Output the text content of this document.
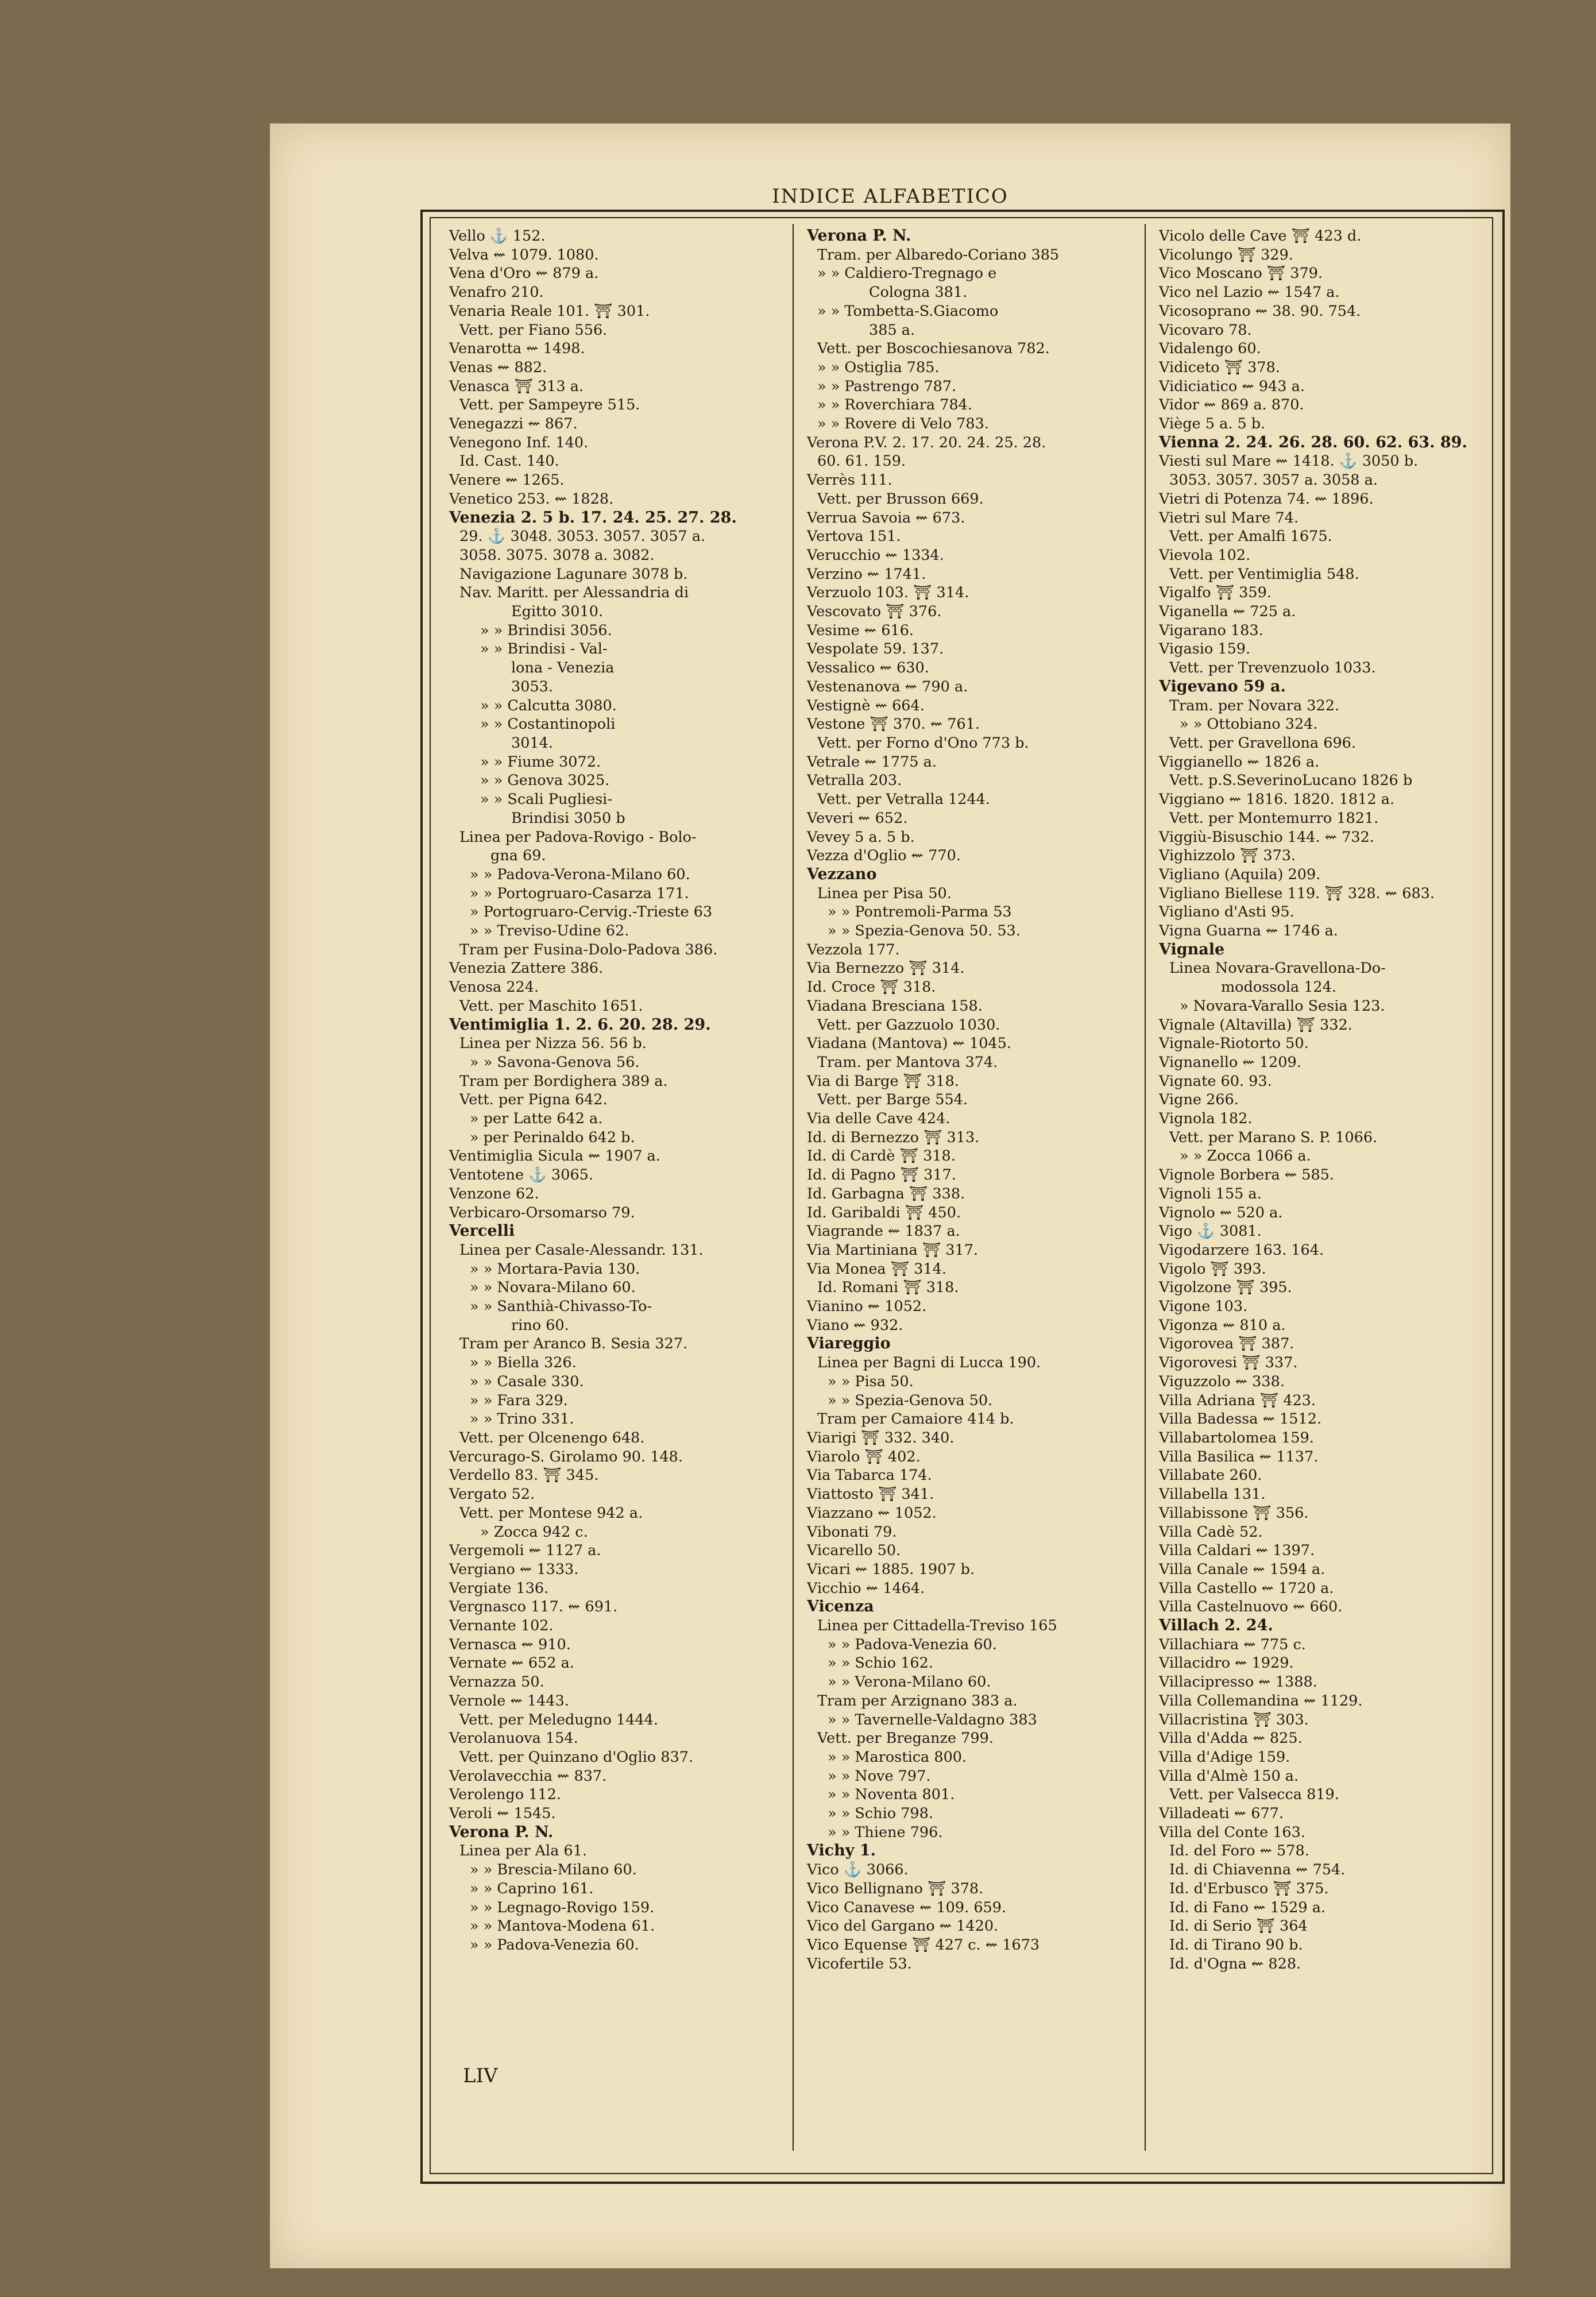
INDICE ALFABETICO
Vello ⚓ 152.
Velva ⇜ 1079. 1080.
Vena d'Oro ⇜ 879 a.
Venafro 210.
Venaria Reale 101. ⛩ 301.
Vett. per Fiano 556.
Venarotta ⇜ 1498.
Venas ⇜ 882.
Venasca ⛩ 313 a.
Vett. per Sampeyre 515.
Venegazzi ⇜ 867.
Venegono Inf. 140.
Id. Cast. 140.
Venere ⇜ 1265.
Venetico 253. ⇜ 1828.
Venezia 2. 5 b. 17. 24. 25. 27. 28.
29. ⚓ 3048. 3053. 3057. 3057 a.
3058. 3075. 3078 a. 3082.
Navigazione Lagunare 3078 b.
Nav. Maritt. per Alessandria di
Egitto 3010.
» » Brindisi 3056.
» » Brindisi - Val-
lona - Venezia
3053.
» » Calcutta 3080.
» » Costantinopoli
3014.
» » Fiume 3072.
» » Genova 3025.
» » Scali Pugliesi-
Brindisi 3050 b
Linea per Padova-Rovigo - Bolo-
gna 69.
» » Padova-Verona-Milano 60.
» » Portogruaro-Casarza 171.
» Portogruaro-Cervig.-Trieste 63
» » Treviso-Udine 62.
Tram per Fusina-Dolo-Padova 386.
Venezia Zattere 386.
Venosa 224.
Vett. per Maschito 1651.
Ventimiglia 1. 2. 6. 20. 28. 29.
Linea per Nizza 56. 56 b.
» » Savona-Genova 56.
Tram per Bordighera 389 a.
Vett. per Pigna 642.
» per Latte 642 a.
» per Perinaldo 642 b.
Ventimiglia Sicula ⇜ 1907 a.
Ventotene ⚓ 3065.
Venzone 62.
Verbicaro-Orsomarso 79.
Vercelli
Linea per Casale-Alessandr. 131.
» » Mortara-Pavia 130.
» » Novara-Milano 60.
» » Santhià-Chivasso-To-
rino 60.
Tram per Aranco B. Sesia 327.
» » Biella 326.
» » Casale 330.
» » Fara 329.
» » Trino 331.
Vett. per Olcenengo 648.
Vercurago-S. Girolamo 90. 148.
Verdello 83. ⛩ 345.
Vergato 52.
Vett. per Montese 942 a.
» Zocca 942 c.
Vergemoli ⇜ 1127 a.
Vergiano ⇜ 1333.
Vergiate 136.
Vergnasco 117. ⇜ 691.
Vernante 102.
Vernasca ⇜ 910.
Vernate ⇜ 652 a.
Vernazza 50.
Vernole ⇜ 1443.
Vett. per Meledugno 1444.
Verolanuova 154.
Vett. per Quinzano d'Oglio 837.
Verolavecchia ⇜ 837.
Verolengo 112.
Veroli ⇜ 1545.
Verona P. N.
Linea per Ala 61.
» » Brescia-Milano 60.
» » Caprino 161.
» » Legnago-Rovigo 159.
» » Mantova-Modena 61.
» » Padova-Venezia 60.
Verona P. N.
Tram. per Albaredo-Coriano 385
» » Caldiero-Tregnago e
Cologna 381.
» » Tombetta-S.Giacomo
385 a.
Vett. per Boscochiesanova 782.
» » Ostiglia 785.
» » Pastrengo 787.
» » Roverchiara 784.
» » Rovere di Velo 783.
Verona P.V. 2. 17. 20. 24. 25. 28.
60. 61. 159.
Verrès 111.
Vett. per Brusson 669.
Verrua Savoia ⇜ 673.
Vertova 151.
Verucchio ⇜ 1334.
Verzino ⇜ 1741.
Verzuolo 103. ⛩ 314.
Vescovato ⛩ 376.
Vesime ⇜ 616.
Vespolate 59. 137.
Vessalico ⇜ 630.
Vestenanova ⇜ 790 a.
Vestignè ⇜ 664.
Vestone ⛩ 370. ⇜ 761.
Vett. per Forno d'Ono 773 b.
Vetrale ⇜ 1775 a.
Vetralla 203.
Vett. per Vetralla 1244.
Veveri ⇜ 652.
Vevey 5 a. 5 b.
Vezza d'Oglio ⇜ 770.
Vezzano
Linea per Pisa 50.
» » Pontremoli-Parma 53
» » Spezia-Genova 50. 53.
Vezzola 177.
Via Bernezzo ⛩ 314.
Id. Croce ⛩ 318.
Viadana Bresciana 158.
Vett. per Gazzuolo 1030.
Viadana (Mantova) ⇜ 1045.
Tram. per Mantova 374.
Via di Barge ⛩ 318.
Vett. per Barge 554.
Via delle Cave 424.
Id. di Bernezzo ⛩ 313.
Id. di Cardè ⛩ 318.
Id. di Pagno ⛩ 317.
Id. Garbagna ⛩ 338.
Id. Garibaldi ⛩ 450.
Viagrande ⇜ 1837 a.
Via Martiniana ⛩ 317.
Via Monea ⛩ 314.
Id. Romani ⛩ 318.
Vianino ⇜ 1052.
Viano ⇜ 932.
Viareggio
Linea per Bagni di Lucca 190.
» » Pisa 50.
» » Spezia-Genova 50.
Tram per Camaiore 414 b.
Viarigi ⛩ 332. 340.
Viarolo ⛩ 402.
Via Tabarca 174.
Viattosto ⛩ 341.
Viazzano ⇜ 1052.
Vibonati 79.
Vicarello 50.
Vicari ⇜ 1885. 1907 b.
Vicchio ⇜ 1464.
Vicenza
Linea per Cittadella-Treviso 165
» » Padova-Venezia 60.
» » Schio 162.
» » Verona-Milano 60.
Tram per Arzignano 383 a.
» » Tavernelle-Valdagno 383
Vett. per Breganze 799.
» » Marostica 800.
» » Nove 797.
» » Noventa 801.
» » Schio 798.
» » Thiene 796.
Vichy 1.
Vico ⚓ 3066.
Vico Bellignano ⛩ 378.
Vico Canavese ⇜ 109. 659.
Vico del Gargano ⇜ 1420.
Vico Equense ⛩ 427 c. ⇜ 1673
Vicofertile 53.
Vicolo delle Cave ⛩ 423 d.
Vicolungo ⛩ 329.
Vico Moscano ⛩ 379.
Vico nel Lazio ⇜ 1547 a.
Vicosoprano ⇜ 38. 90. 754.
Vicovaro 78.
Vidalengo 60.
Vidiceto ⛩ 378.
Vidiciatico ⇜ 943 a.
Vidor ⇜ 869 a. 870.
Viège 5 a. 5 b.
Vienna 2. 24. 26. 28. 60. 62. 63. 89.
Viesti sul Mare ⇜ 1418. ⚓ 3050 b.
3053. 3057. 3057 a. 3058 a.
Vietri di Potenza 74. ⇜ 1896.
Vietri sul Mare 74.
Vett. per Amalfi 1675.
Vievola 102.
Vett. per Ventimiglia 548.
Vigalfo ⛩ 359.
Viganella ⇜ 725 a.
Vigarano 183.
Vigasio 159.
Vett. per Trevenzuolo 1033.
Vigevano 59 a.
Tram. per Novara 322.
» » Ottobiano 324.
Vett. per Gravellona 696.
Viggianello ⇜ 1826 a.
Vett. p.S.SeverinoLucano 1826 b
Viggiano ⇜ 1816. 1820. 1812 a.
Vett. per Montemurro 1821.
Viggiù-Bisuschio 144. ⇜ 732.
Vighizzolo ⛩ 373.
Vigliano (Aquila) 209.
Vigliano Biellese 119. ⛩ 328. ⇜ 683.
Vigliano d'Asti 95.
Vigna Guarna ⇜ 1746 a.
Vignale
Linea Novara-Gravellona-Do-
modossola 124.
» Novara-Varallo Sesia 123.
Vignale (Altavilla) ⛩ 332.
Vignale-Riotorto 50.
Vignanello ⇜ 1209.
Vignate 60. 93.
Vigne 266.
Vignola 182.
Vett. per Marano S. P. 1066.
» » Zocca 1066 a.
Vignole Borbera ⇜ 585.
Vignoli 155 a.
Vignolo ⇜ 520 a.
Vigo ⚓ 3081.
Vigodarzere 163. 164.
Vigolo ⛩ 393.
Vigolzone ⛩ 395.
Vigone 103.
Vigonza ⇜ 810 a.
Vigorovea ⛩ 387.
Vigorovesi ⛩ 337.
Viguzzolo ⇜ 338.
Villa Adriana ⛩ 423.
Villa Badessa ⇜ 1512.
Villabartolomea 159.
Villa Basilica ⇜ 1137.
Villabate 260.
Villabella 131.
Villabissone ⛩ 356.
Villa Cadè 52.
Villa Caldari ⇜ 1397.
Villa Canale ⇜ 1594 a.
Villa Castello ⇜ 1720 a.
Villa Castelnuovo ⇜ 660.
Villach 2. 24.
Villachiara ⇜ 775 c.
Villacidro ⇜ 1929.
Villacipresso ⇜ 1388.
Villa Collemandina ⇜ 1129.
Villacristina ⛩ 303.
Villa d'Adda ⇜ 825.
Villa d'Adige 159.
Villa d'Almè 150 a.
Vett. per Valsecca 819.
Villadeati ⇜ 677.
Villa del Conte 163.
Id. del Foro ⇜ 578.
Id. di Chiavenna ⇜ 754.
Id. d'Erbusco ⛩ 375.
Id. di Fano ⇜ 1529 a.
Id. di Serio ⛩ 364
Id. di Tirano 90 b.
Id. d'Ogna ⇜ 828.
LIV
